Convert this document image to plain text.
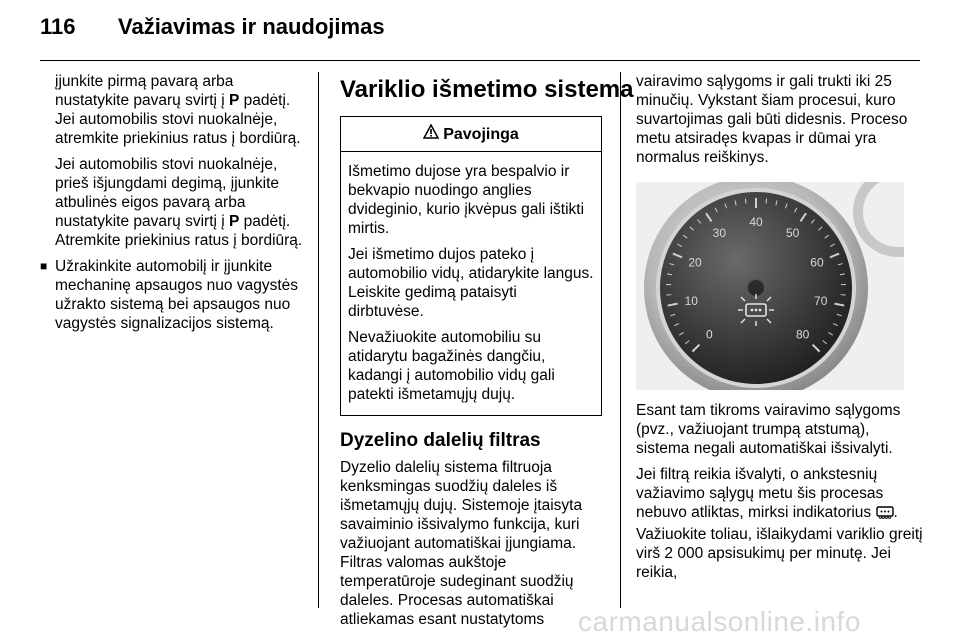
116 Važiavimas ir naudojimas

įjunkite pirmą pavarą arba nustatykite pavarų svirtį į P padėtį. Jei automobilis stovi nuokalnėje, atremkite priekinius ratus į bordiūrą.

Jei automobilis stovi nuokalnėje, prieš išjungdami degimą, įjunkite atbulinės eigos pavarą arba nustatykite pavarų svirtį į P padėtį. Atremkite priekinius ratus į bordiūrą.

■ Užrakinkite automobilį ir įjunkite mechaninę apsaugos nuo vagystės užrakto sistemą bei apsaugos nuo vagystės signalizacijos sistemą.

Variklio išmetimo sistema
Pavojinga

Išmetimo dujose yra bespalvio ir bekvapio nuodingo anglies dvideginio, kurio įkvėpus gali ištikti mirtis.

Jei išmetimo dujos pateko į automobilio vidų, atidarykite langus. Leiskite gedimą pataisyti dirbtuvėse.

Nevažiuokite automobiliu su atidarytu bagažinės dangčiu, kadangi į automobilio vidų gali patekti išmetamųjų dujų.

Dyzelino dalelių filtras

Dyzelio dalelių sistema filtruoja kenksmingas suodžių daleles iš išmetamųjų dujų. Sistemoje įtaisyta savaiminio išsivalymo funkcija, kuri važiuojant automatiškai įjungiama. Filtras valomas aukštoje temperatūroje sudeginant suodžių daleles. Procesas automatiškai atliekamas esant nustatytoms

vairavimo sąlygoms ir gali trukti iki 25 minučių. Vykstant šiam procesui, kuro suvartojimas gali būti didesnis. Proceso metu atsiradęs kvapas ir dūmai yra normalus reiškinys.

0
10
20
30
40
50
60
70
80

Esant tam tikroms vairavimo sąlygoms (pvz., važiuojant trumpą atstumą), sistema negali automatiškai išsivalyti.

Jei filtrą reikia išvalyti, o ankstesnių važiavimo sąlygų metu šis procesas nebuvo atliktas, mirksi indikatorius . Važiuokite toliau, išlaikydami variklio greitį virš 2 000 apsisukimų per minutę. Jei reikia,

carmanualsonline.info
